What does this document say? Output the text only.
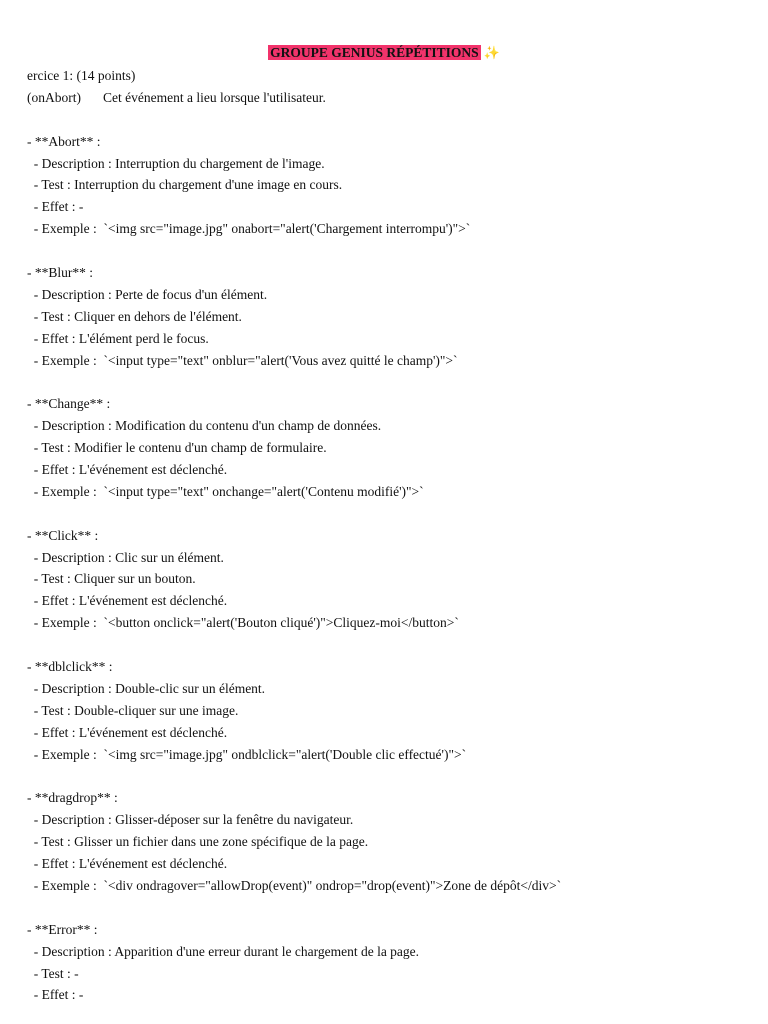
GROUPE GENIUS RÉPÉTITIONS ✨
ercice 1: (14 points)
(onAbort) Cet événement a lieu lorsque l'utilisateur.
- **Abort** :
- Description : Interruption du chargement de l'image.
- Test : Interruption du chargement d'une image en cours.
- Effet : -
- Exemple :  `<img src="image.jpg" onabort="alert('Chargement interrompu')">`
- **Blur** :
- Description : Perte de focus d'un élément.
- Test : Cliquer en dehors de l'élément.
- Effet : L'élément perd le focus.
- Exemple :  `<input type="text" onblur="alert('Vous avez quitté le champ')">`
- **Change** :
- Description : Modification du contenu d'un champ de données.
- Test : Modifier le contenu d'un champ de formulaire.
- Effet : L'événement est déclenché.
- Exemple :  `<input type="text" onchange="alert('Contenu modifié')">`
- **Click** :
- Description : Clic sur un élément.
- Test : Cliquer sur un bouton.
- Effet : L'événement est déclenché.
- Exemple :  `<button onclick="alert('Bouton cliqué')">Cliquez-moi</button>`
- **dblclick** :
- Description : Double-clic sur un élément.
- Test : Double-cliquer sur une image.
- Effet : L'événement est déclenché.
- Exemple :  `<img src="image.jpg" ondblclick="alert('Double clic effectué')">`
- **dragdrop** :
- Description : Glisser-déposer sur la fenêtre du navigateur.
- Test : Glisser un fichier dans une zone spécifique de la page.
- Effet : L'événement est déclenché.
- Exemple :  `<div ondragover="allowDrop(event)" ondrop="drop(event)">Zone de dépôt</div>`
- **Error** :
- Description : Apparition d'une erreur durant le chargement de la page.
- Test : -
- Effet : -
